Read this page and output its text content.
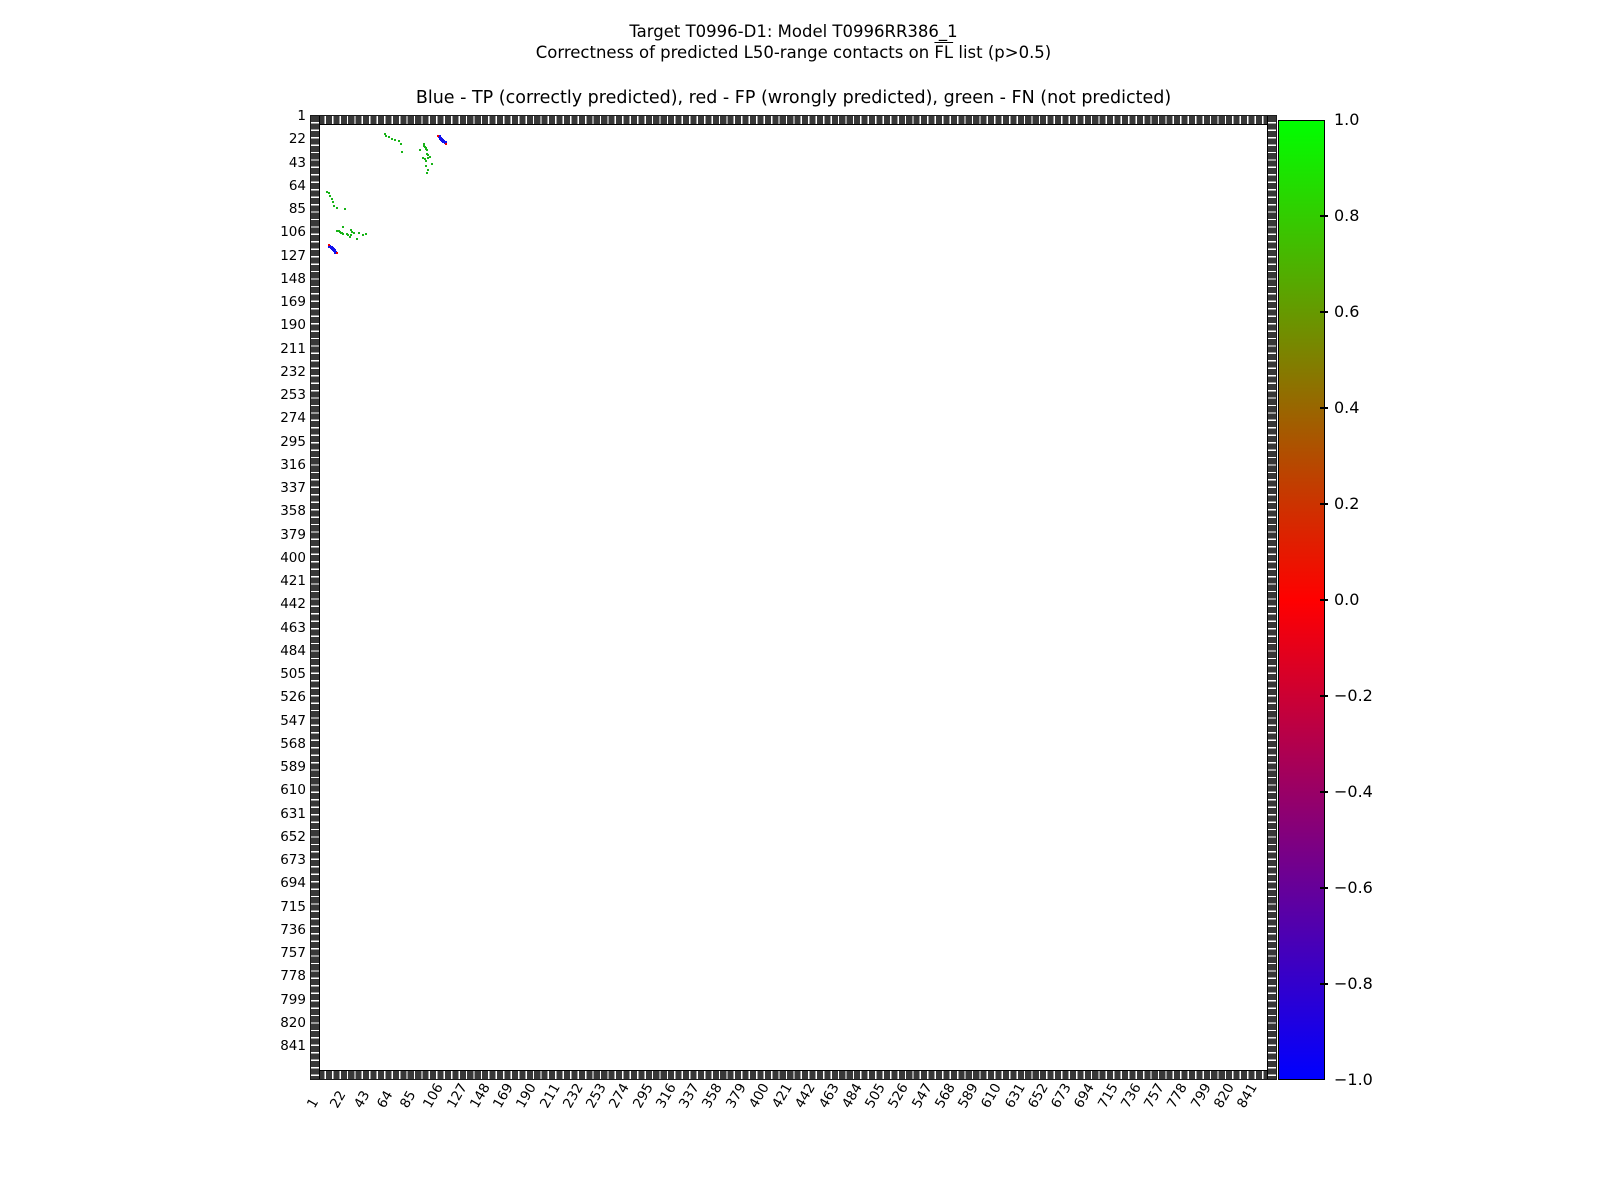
Target T0996-D1: Model T0996RR386_1
Correctness of predicted L50-range contacts on $\overline{FL}$ list (p>0.5)
Blue - TP (correctly predicted), red - FP (wrongly predicted), green - FN (not predicted)
1
22
43
64
85
106
127
148
169
190
211
232
253
274
295
316
337
358
379
400
421
442
463
484
505
526
547
568
589
610
631
652
673
694
715
736
757
778
799
820
841
1 22 43 64 85 106
127
148
169
190
211
232
253
274
295
316
337
358
379
400
421
442
463
484
505
526
547
568
589
610
631
652
673
694
715
736
757
778
799
820
841
1.0
0.8
0.6
0.4
0.2
0.0
−0.2
−0.4
−0.6
−0.8
−1.0
